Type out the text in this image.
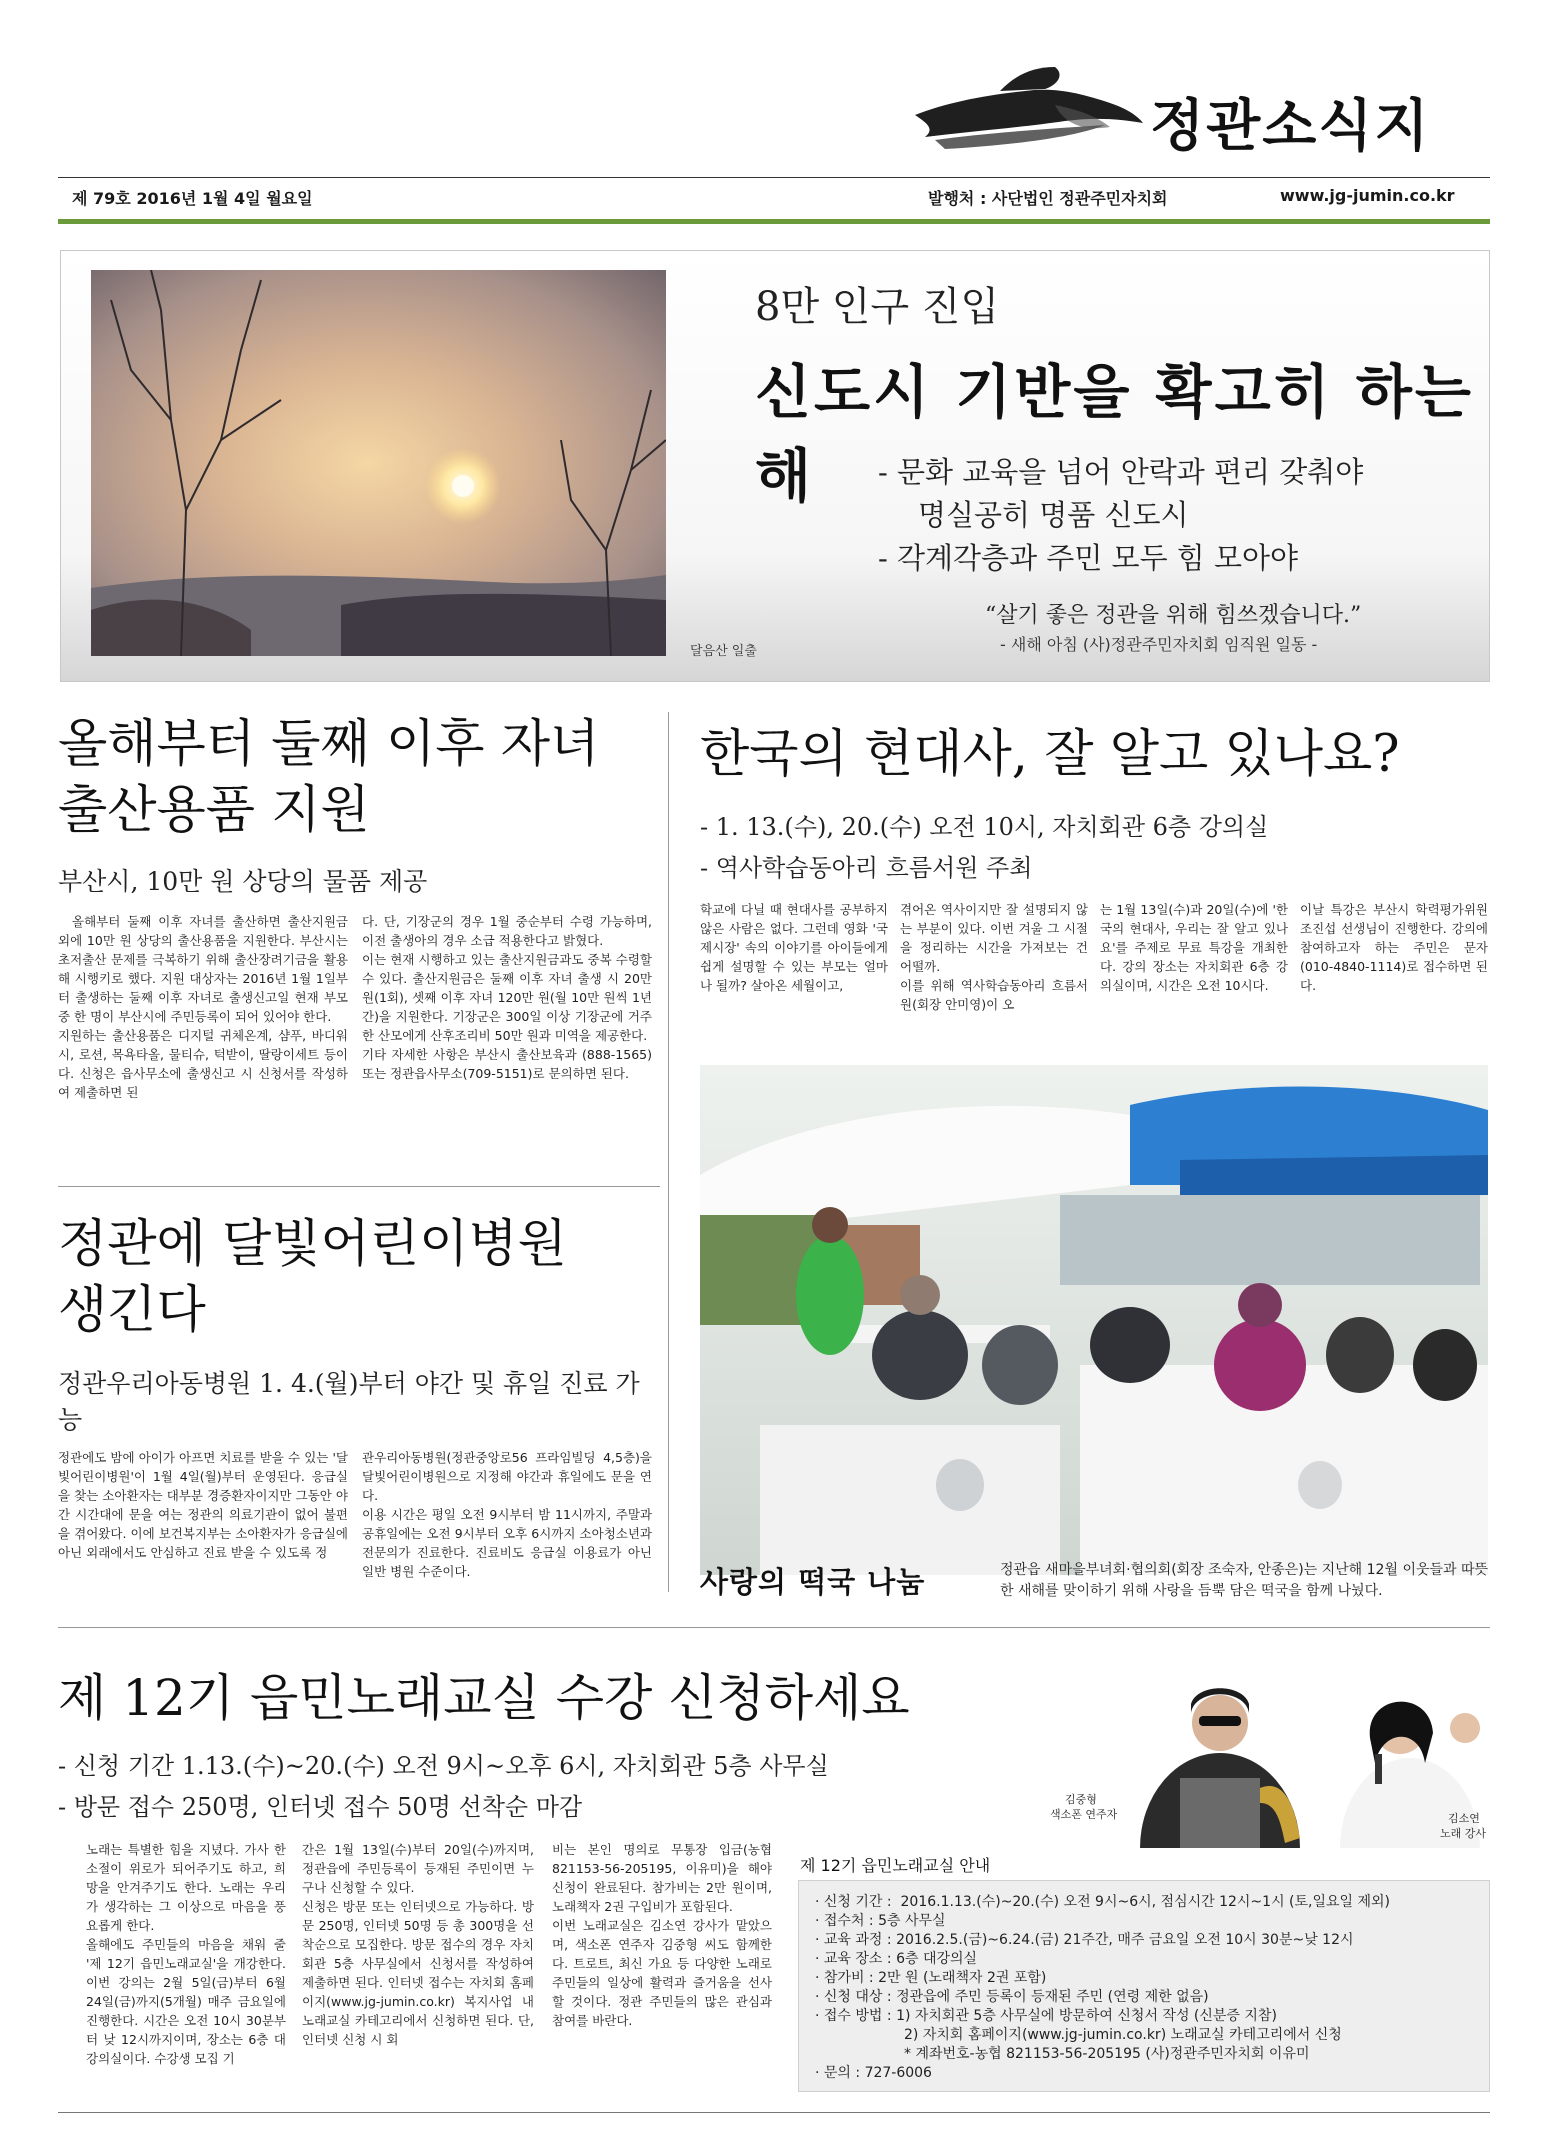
정관소식지
제 79호 2016년 1월 4일 월요일	발행처 : 사단법인 정관주민자치회	www.jg-jumin.co.kr
달음산 일출
8만 인구 진입
신도시 기반을 확고히 하는 해	- 문화 교육을 넘어 안락과 편리 갖춰야
명실공히 명품 신도시
- 각계각층과 주민 모두 힘 모아야
“살기 좋은 정관을 위해 힘쓰겠습니다.”
- 새해 아침 (사)정관주민자치회 임직원 일동 -
올해부터 둘째 이후 자녀
출산용품 지원
부산시, 10만 원 상당의 물품 제공
올해부터 둘째 이후 자녀를 출산하면 출산지원금 외에 10만 원 상당의 출산용품을 지원한다. 부산시는 초저출산 문제를 극복하기 위해 출산장려기금을 활용해 시행키로 했다. 지원 대상자는 2016년 1월 1일부터 출생하는 둘째 이후 자녀로 출생신고일 현재 부모 중 한 명이 부산시에 주민등록이 되어 있어야 한다.
지원하는 출산용품은 디지털 귀체온계, 샴푸, 바디워시, 로션, 목욕타올, 물티슈, 턱받이, 딸랑이세트 등이다. 신청은 읍사무소에 출생신고 시 신청서를 작성하여 제출하면 된
다. 단, 기장군의 경우 1월 중순부터 수령 가능하며, 이전 출생아의 경우 소급 적용한다고 밝혔다.
이는 현재 시행하고 있는 출산지원금과도 중복 수령할 수 있다. 출산지원금은 둘째 이후 자녀 출생 시 20만 원(1회), 셋째 이후 자녀 120만 원(월 10만 원씩 1년간)을 지원한다. 기장군은 300일 이상 기장군에 거주한 산모에게 산후조리비 50만 원과 미역을 제공한다.
기타 자세한 사항은 부산시 출산보육과 (888-1565) 또는 정관읍사무소(709-5151)로 문의하면 된다.
정관에 달빛어린이병원
생긴다
정관우리아동병원 1. 4.(월)부터 야간 및 휴일 진료 가능
정관에도 밤에 아이가 아프면 치료를 받을 수 있는 '달빛어린이병원'이 1월 4일(월)부터 운영된다. 응급실을 찾는 소아환자는 대부분 경증환자이지만 그동안 야간 시간대에 문을 여는 정관의 의료기관이 없어 불편을 겪어왔다. 이에 보건복지부는 소아환자가 응급실에 아닌 외래에서도 안심하고 진료 받을 수 있도록 정
관우리아동병원(정관중앙로56 프라임빌딩 4,5층)을 달빛어린이병원으로 지정해 야간과 휴일에도 문을 연다.
이용 시간은 평일 오전 9시부터 밤 11시까지, 주말과 공휴일에는 오전 9시부터 오후 6시까지 소아청소년과 전문의가 진료한다. 진료비도 응급실 이용료가 아닌 일반 병원 수준이다.
한국의 현대사, 잘 알고 있나요?
- 1. 13.(수), 20.(수) 오전 10시, 자치회관 6층 강의실
- 역사학습동아리 흐름서원 주최
학교에 다닐 때 현대사를 공부하지 않은 사람은 없다. 그런데 영화 '국제시장' 속의 이야기를 아이들에게 쉽게 설명할 수 있는 부모는 얼마나 될까? 살아온 세월이고,
겪어온 역사이지만 잘 설명되지 않는 부분이 있다. 이번 겨울 그 시절을 정리하는 시간을 가져보는 건 어떨까.
이를 위해 역사학습동아리 흐름서원(회장 안미영)이 오
는 1월 13일(수)과 20일(수)에 '한국의 현대사, 우리는 잘 알고 있나요'를 주제로 무료 특강을 개최한다. 강의 장소는 자치회관 6층 강의실이며, 시간은 오전 10시다.
이날 특강은 부산시 학력평가위원 조진섭 선생님이 진행한다. 강의에 참여하고자 하는 주민은 문자(010-4840-1114)로 접수하면 된다.
사랑의 떡국 나눔	정관읍 새마을부녀회·협의회(회장 조숙자, 안종은)는 지난해 12월 이웃들과 따뜻한 새해를 맞이하기 위해 사랑을 듬뿍 담은 떡국을 함께 나눴다.
제 12기 읍민노래교실 수강 신청하세요
- 신청 기간 1.13.(수)~20.(수) 오전 9시~오후 6시, 자치회관 5층 사무실
- 방문 접수 250명, 인터넷 접수 50명 선착순 마감
노래는 특별한 힘을 지녔다. 가사 한 소절이 위로가 되어주기도 하고, 희망을 안겨주기도 한다. 노래는 우리가 생각하는 그 이상으로 마음을 풍요롭게 한다.
올해에도 주민들의 마음을 채워 줄 '제 12기 읍민노래교실'을 개강한다. 이번 강의는 2월 5일(금)부터 6월 24일(금)까지(5개월) 매주 금요일에 진행한다. 시간은 오전 10시 30분부터 낮 12시까지이며, 장소는 6층 대강의실이다. 수강생 모집 기
간은 1월 13일(수)부터 20일(수)까지며, 정관읍에 주민등록이 등재된 주민이면 누구나 신청할 수 있다.
신청은 방문 또는 인터넷으로 가능하다. 방문 250명, 인터넷 50명 등 총 300명을 선착순으로 모집한다. 방문 접수의 경우 자치회관 5층 사무실에서 신청서를 작성하여 제출하면 된다. 인터넷 접수는 자치회 홈페이지(www.jg-jumin.co.kr) 복지사업 내 노래교실 카테고리에서 신청하면 된다. 단, 인터넷 신청 시 회
비는 본인 명의로 무통장 입금(농협 821153-56-205195, 이유미)을 해야 신청이 완료된다. 참가비는 2만 원이며, 노래책자 2권 구입비가 포함된다.
이번 노래교실은 김소연 강사가 맡았으며, 색소폰 연주자 김중형 씨도 함께한다. 트로트, 최신 가요 등 다양한 노래로 주민들의 일상에 활력과 즐거움을 선사할 것이다. 정관 주민들의 많은 관심과 참여를 바란다.
김중형
색소폰 연주자	김소연
노래 강사
제 12기 읍민노래교실 안내
· 신청 기간 :  2016.1.13.(수)~20.(수) 오전 9시~6시, 점심시간 12시~1시 (토,일요일 제외)
· 접수처 : 5층 사무실
· 교육 과정 : 2016.2.5.(금)~6.24.(금) 21주간, 매주 금요일 오전 10시 30분~낮 12시
· 교육 장소 : 6층 대강의실
· 참가비 : 2만 원 (노래책자 2권 포함)
· 신청 대상 : 정관읍에 주민 등록이 등재된 주민 (연령 제한 없음)
· 접수 방법 : 1) 자치회관 5층 사무실에 방문하여 신청서 작성 (신분증 지참)
2) 자치회 홈페이지(www.jg-jumin.co.kr) 노래교실 카테고리에서 신청
* 계좌번호-농협 821153-56-205195 (사)정관주민자치회 이유미
· 문의 : 727-6006
